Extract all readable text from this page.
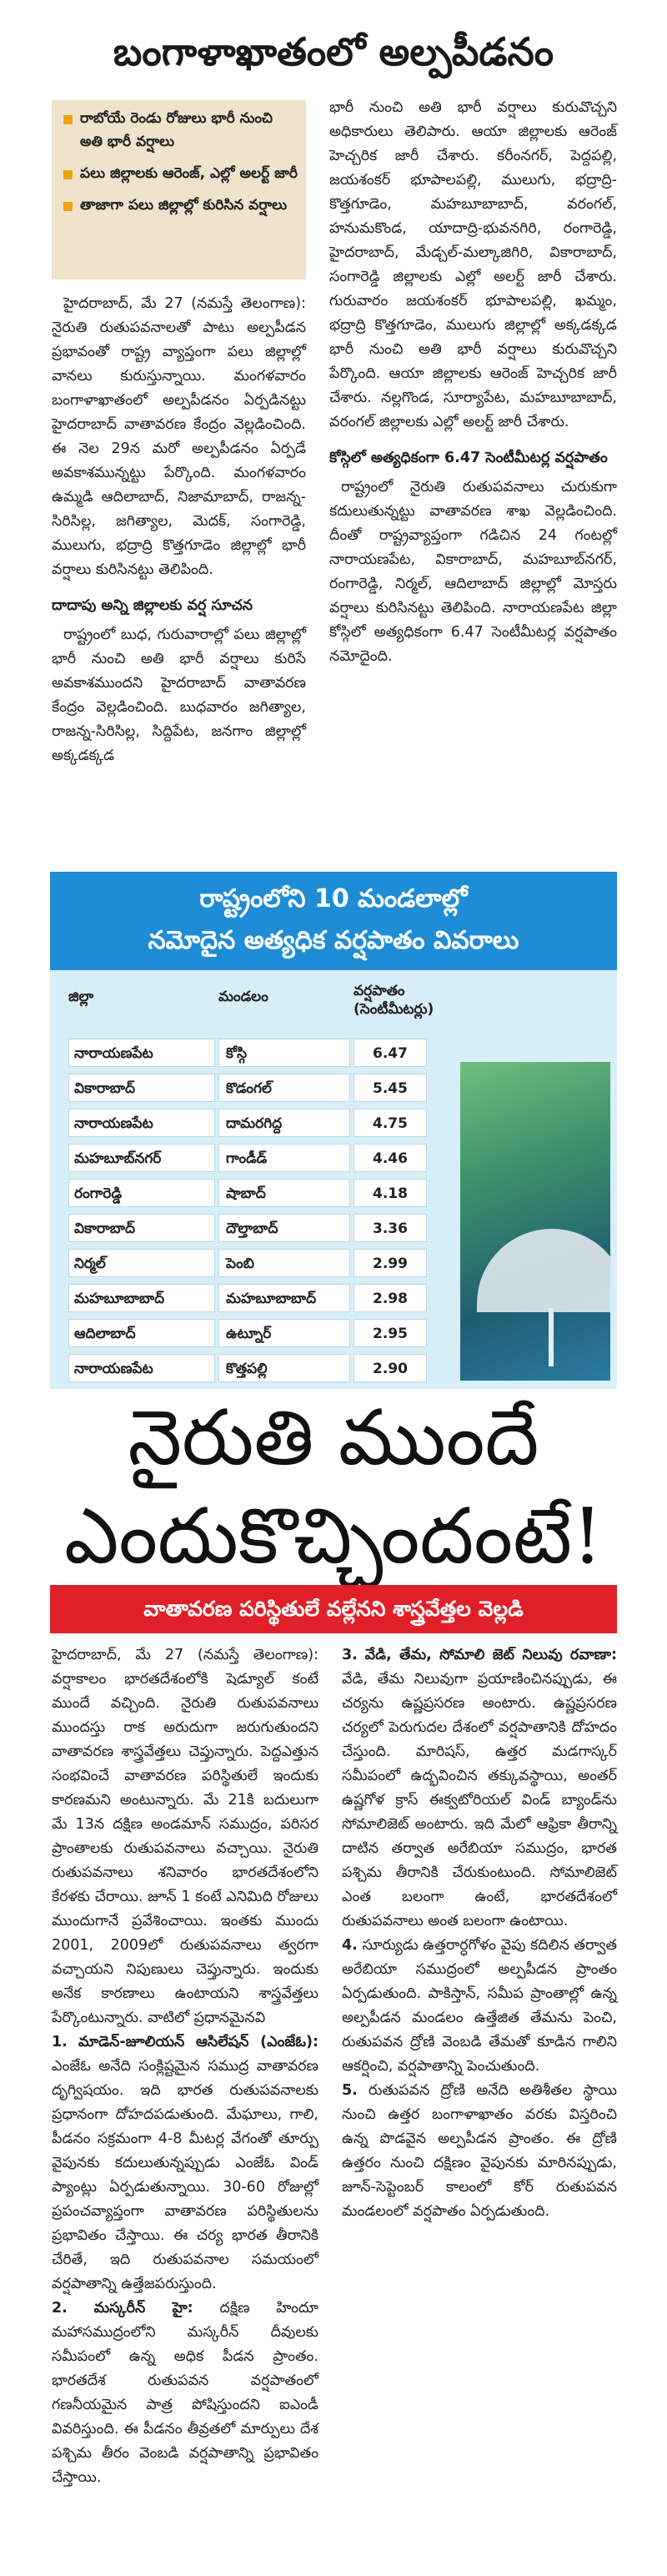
బంగాళాఖాతంలో అల్పపీడనం
రాబోయే రెండు రోజులు భారీ నుంచి అతి భారీ వర్షాలు
పలు జిల్లాలకు ఆరెంజ్, ఎల్లో అలర్ట్ జారీ
తాజాగా పలు జిల్లాల్లో కురిసిన వర్షాలు

హైదరాబాద్, మే 27 (నమస్తే తెలంగాణ): నైరుతి రుతుపవనాలతో పాటు అల్పపీడన ప్రభావంతో రాష్ట్ర వ్యాప్తంగా పలు జిల్లాల్లో వానలు కురుస్తున్నాయి. మంగళవారం బంగాళాఖాతంలో అల్పపీడనం ఏర్పడినట్టు హైదరాబాద్ వాతావరణ కేంద్రం వెల్లడించింది. ఈ నెల 29న మరో అల్పపీడనం ఏర్పడే అవకాశమున్నట్టు పేర్కొంది. మంగళవారం ఉమ్మడి ఆదిలాబాద్, నిజామాబాద్, రాజన్న-సిరిసిల్ల, జగిత్యాల, మెదక్, సంగారెడ్డి, ములుగు, భద్రాద్రి కొత్తగూడెం జిల్లాల్లో భారీ వర్షాలు కురిసినట్టు తెలిపింది.

దాదాపు అన్ని జిల్లాలకు వర్ష సూచన

రాష్ట్రంలో బుధ, గురువారాల్లో పలు జిల్లాల్లో భారీ నుంచి అతి భారీ వర్షాలు కురిసే అవకాశముందని హైదరాబాద్ వాతావరణ కేంద్రం వెల్లడించింది. బుధవారం జగిత్యాల, రాజన్న-సిరిసిల్ల, సిద్దిపేట, జనగాం జిల్లాల్లో అక్కడక్కడ

భారీ నుంచి అతి భారీ వర్షాలు కురువొచ్చని అధికారులు తెలిపారు. ఆయా జిల్లాలకు ఆరెంజ్ హెచ్చరిక జారీ చేశారు. కరీంనగర్, పెద్దపల్లి, జయశంకర్ భూపాలపల్లి, ములుగు, భద్రాద్రి-కొత్తగూడెం, మహబూబాబాద్, వరంగల్, హనుమకొండ, యాదాద్రి-భువనగిరి, రంగారెడ్డి, హైదరాబాద్, మేడ్చల్-మల్కాజిగిరి, వికారాబాద్, సంగారెడ్డి జిల్లాలకు ఎల్లో అలర్ట్ జారీ చేశారు. గురువారం జయశంకర్ భూపాలపల్లి, ఖమ్మం, భద్రాద్రి కొత్తగూడెం, ములుగు జిల్లాల్లో అక్కడక్కడ భారీ నుంచి అతి భారీ వర్షాలు కురువొచ్చని పేర్కొంది. ఆయా జిల్లాలకు ఆరెంజ్ హెచ్చరిక జారీ చేశారు. నల్లగొండ, సూర్యాపేట, మహబూబాబాద్, వరంగల్ జిల్లాలకు ఎల్లో అలర్ట్ జారీ చేశారు.

కోస్గిలో అత్యధికంగా 6.47 సెంటీమీటర్ల వర్షపాతం

రాష్ట్రంలో నైరుతి రుతుపవనాలు చురుకుగా కదులుతున్నట్టు వాతావరణ శాఖ వెల్లడించింది. దీంతో రాష్ట్రవ్యాప్తంగా గడిచిన 24 గంటల్లో నారాయణపేట, వికారాబాద్, మహబూబ్‌నగర్, రంగారెడ్డి, నిర్మల్, ఆదిలాబాద్ జిల్లాల్లో మోస్తరు వర్షాలు కురిసినట్టు తెలిపింది. నారాయణపేట జిల్లా కోస్గిలో అత్యధికంగా 6.47 సెంటీమీటర్ల వర్షపాతం నమోదైంది.

రాష్ట్రంలోని 10 మండలాల్లో
నమోదైన అత్యధిక వర్షపాతం వివరాలు
జిల్లా	మండలం	వర్షపాతం (సెంటీమీటర్లు)
నారాయణపేట	కోస్గి	6.47
వికారాబాద్	కొడంగల్	5.45
నారాయణపేట	దామరగిద్ద	4.75
మహబూబ్‌నగర్	గాండీడ్	4.46
రంగారెడ్డి	షాబాద్	4.18
వికారాబాద్	దౌల్తాబాద్	3.36
నిర్మల్	పెంబి	2.99
మహబూబాబాద్	మహబూబాబాద్	2.98
ఆదిలాబాద్	ఉట్నూర్	2.95
నారాయణపేట	కొత్తపల్లి	2.90
నైరుతి ముందే
ఎందుకొచ్చిందంటే!
వాతావరణ పరిస్థితులే వల్లేనని శాస్త్రవేత్తల వెల్లడి

హైదరాబాద్, మే 27 (నమస్తే తెలంగాణ): వర్షాకాలం భారతదేశంలోకి షెడ్యూల్ కంటే ముందే వచ్చింది. నైరుతి రుతుపవనాలు ముందస్తు రాక అరుదుగా జరుగుతుందని వాతావరణ శాస్త్రవేత్తలు చెప్తున్నారు. పెద్దఎత్తున సంభవించే వాతావరణ పరిస్థితులే ఇందుకు కారణమని అంటున్నారు. మే 21కి బదులుగా మే 13న దక్షిణ అండమాన్ సముద్రం, పరిసర ప్రాంతాలకు రుతుపవనాలు వచ్చాయి. నైరుతి రుతుపవనాలు శనివారం భారతదేశంలోని కేరళకు చేరాయి. జూన్ 1 కంటే ఎనిమిది రోజులు ముందుగానే ప్రవేశించాయి. ఇంతకు ముందు 2001, 2009లో రుతుపవనాలు త్వరగా వచ్చాయని నిపుణులు చెప్తున్నారు. ఇందుకు అనేక కారణాలు ఉంటాయని శాస్త్రవేత్తలు పేర్కొంటున్నారు. వాటిలో ప్రధానమైనవి

1. మాడెన్-జూలియన్ ఆసిలేషన్ (ఎంజేఓ): ఎంజేఓ అనేది సంక్లిష్టమైన సముద్ర వాతావరణ దృగ్విషయం. ఇది భారత రుతుపవనాలకు ప్రధానంగా దోహదపడుతుంది. మేఘాలు, గాలి, పీడనం సక్రమంగా 4-8 మీటర్ల వేగంతో తూర్పు వైపునకు కదులుతున్నప్పుడు ఎంజేఓ విండ్ ప్యాంట్లు ఏర్పడుతున్నాయి. 30-60 రోజుల్లో ప్రపంచవ్యాప్తంగా వాతావరణ పరిస్థితులను ప్రభావితం చేస్తాయి. ఈ చర్య భారత తీరానికి చేరితే, ఇది రుతుపవనాల సమయంలో వర్షపాతాన్ని ఉత్తేజపరుస్తుంది.

2. మస్కరీన్ హై: దక్షిణ హిందూ మహాసముద్రంలోని మస్కరీన్ దీవులకు సమీపంలో ఉన్న అధిక పీడన ప్రాంతం. భారతదేశ రుతుపవన వర్షపాతంలో గణనీయమైన పాత్ర పోషిస్తుందని ఐఎండీ వివరిస్తుంది. ఈ పీడనం తీవ్రతలో మార్పులు దేశ పశ్చిమ తీరం వెంబడి వర్షపాతాన్ని ప్రభావితం చేస్తాయి.

3. వేడి, తేమ, సోమాలి జెట్ నిలువు రవాణా: వేడి, తేమ నిలువుగా ప్రయాణించినప్పుడు, ఈ చర్యను ఉష్ణప్రసరణ అంటారు. ఉష్ణప్రసరణ చర్యలో పెరుగుదల దేశంలో వర్షపాతానికి దోహదం చేస్తుంది. మారిషస్, ఉత్తర మడగాస్కర్ సమీపంలో ఉద్భవించిన తక్కువస్థాయి, అంతర్ ఉష్ణగోళ క్రాస్ ఈక్వటోరియల్ విండ్ బ్యాండ్‌ను సోమాలిజెట్ అంటారు. ఇది మేలో ఆఫ్రికా తీరాన్ని దాటిన తర్వాత అరేబియా సముద్రం, భారత పశ్చిమ తీరానికి చేరుకుంటుంది. సోమాలిజెట్ ఎంత బలంగా ఉంటే, భారతదేశంలో రుతుపవనాలు అంత బలంగా ఉంటాయి.

4. సూర్యుడు ఉత్తరార్ధగోళం వైపు కదిలిన తర్వాత అరేబియా సముద్రంలో అల్పపీడన ప్రాంతం ఏర్పడుతుంది. పాకిస్తాన్, సమీప ప్రాంతాల్లో ఉన్న అల్పపీడన మండలం ఉత్తేజిత తేమను పెంచి, రుతుపవన ద్రోణి వెంబడి తేమతో కూడిన గాలిని ఆకర్షించి, వర్షపాతాన్ని పెంచుతుంది.

5. రుతుపవన ద్రోణి అనేది అతిశీతల స్థాయి నుంచి ఉత్తర బంగాళాఖాతం వరకు విస్తరించి ఉన్న పొడవైన అల్పపీడన ప్రాంతం. ఈ ద్రోణి ఉత్తరం నుంచి దక్షిణం వైపునకు మారినప్పుడు, జూన్-సెప్టెంబర్ కాలంలో కోర్ రుతుపవన మండలంలో వర్షపాతం ఏర్పడుతుంది.
